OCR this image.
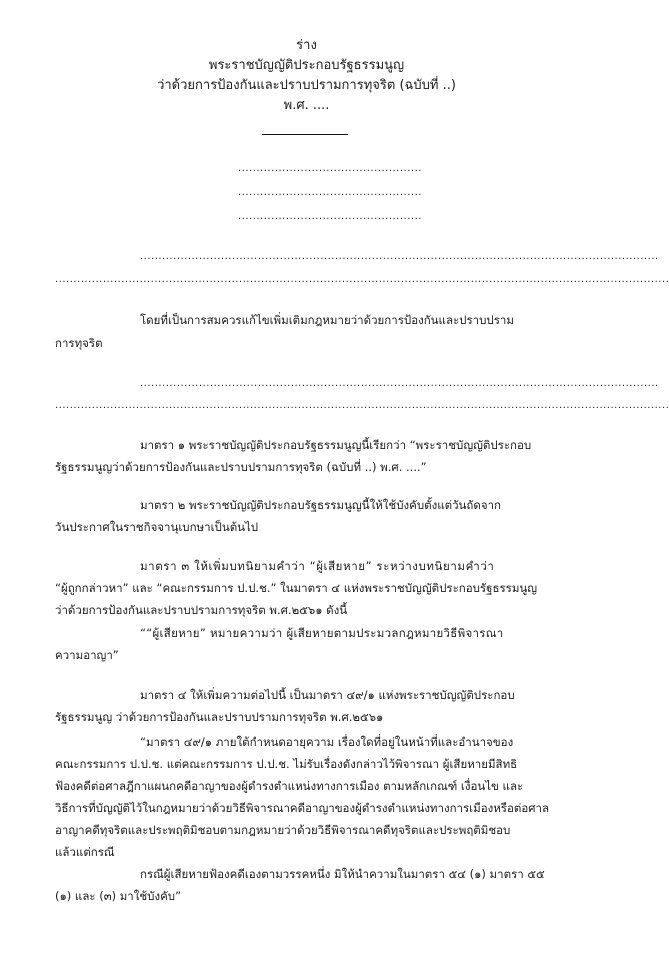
ร่าง
พระราชบัญญัติประกอบรัฐธรรมนูญ
ว่าด้วยการป้องกันและปราบปรามการทุจริต (ฉบับที่ ..)
พ.ศ. ....
..................................................
..................................................
..................................................
.............................................................................................................................................
.......................................................................................................................................................................
โดยที่เป็นการสมควรแก้ไขเพิ่มเติมกฎหมายว่าด้วยการป้องกันและปราบปราม
การทุจริต
.............................................................................................................................................
.......................................................................................................................................................................
มาตรา ๑ พระราชบัญญัติประกอบรัฐธรรมนูญนี้เรียกว่า “พระราชบัญญัติประกอบ
รัฐธรรมนูญว่าด้วยการป้องกันและปราบปรามการทุจริต (ฉบับที่ ..) พ.ศ. ....”
มาตรา ๒ พระราชบัญญัติประกอบรัฐธรรมนูญนี้ให้ใช้บังคับตั้งแต่วันถัดจาก
วันประกาศในราชกิจจานุเบกษาเป็นต้นไป
มาตรา ๓ ให้เพิ่มบทนิยามคำว่า “ผู้เสียหาย” ระหว่างบทนิยามคำว่า
“ผู้ถูกกล่าวหา” และ “คณะกรรมการ ป.ป.ช.” ในมาตรา ๔ แห่งพระราชบัญญัติประกอบรัฐธรรมนูญ
ว่าด้วยการป้องกันและปราบปรามการทุจริต พ.ศ.๒๕๖๑ ดังนี้
““ผู้เสียหาย” หมายความว่า ผู้เสียหายตามประมวลกฎหมายวิธีพิจารณา
ความอาญา”
มาตรา ๔ ให้เพิ่มความต่อไปนี้ เป็นมาตรา ๔๙/๑ แห่งพระราชบัญญัติประกอบ
รัฐธรรมนูญ ว่าด้วยการป้องกันและปราบปรามการทุจริต พ.ศ.๒๕๖๑
“มาตรา ๔๙/๑ ภายใต้กำหนดอายุความ เรื่องใดที่อยู่ในหน้าที่และอำนาจของ
คณะกรรมการ ป.ป.ช. แต่คณะกรรมการ ป.ป.ช. ไม่รับเรื่องดังกล่าวไว้พิจารณา ผู้เสียหายมีสิทธิ
ฟ้องคดีต่อศาลฎีกาแผนกคดีอาญาของผู้ดำรงตำแหน่งทางการเมือง ตามหลักเกณฑ์ เงื่อนไข และ
วิธีการที่บัญญัติไว้ในกฎหมายว่าด้วยวิธีพิจารณาคดีอาญาของผู้ดำรงตำแหน่งทางการเมืองหรือต่อศาล
อาญาคดีทุจริตและประพฤติมิชอบตามกฎหมายว่าด้วยวิธีพิจารณาคดีทุจริตและประพฤติมิชอบ
แล้วแต่กรณี
กรณีผู้เสียหายฟ้องคดีเองตามวรรคหนึ่ง มิให้นำความในมาตรา ๕๔ (๑) มาตรา ๕๕
(๑) และ (๓) มาใช้บังคับ”
